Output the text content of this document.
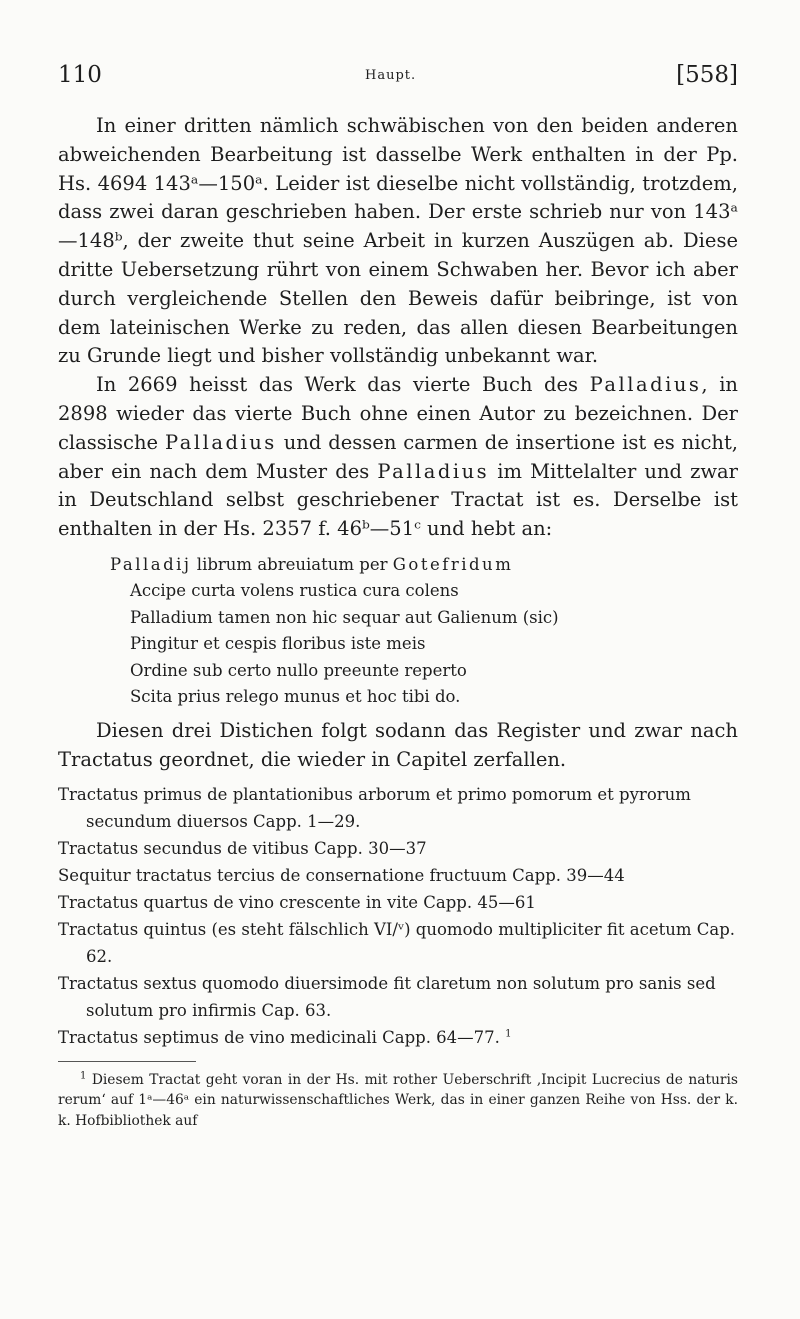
110	Haupt.	[558]

In einer dritten nämlich schwäbischen von den beiden anderen abweichenden Bearbeitung ist dasselbe Werk enthalten in der Pp. Hs. 4694 143ᵃ—150ᵃ. Leider ist dieselbe nicht vollständig, trotzdem, dass zwei daran geschrieben haben. Der erste schrieb nur von 143ᵃ—148ᵇ, der zweite thut seine Arbeit in kurzen Auszügen ab. Diese dritte Uebersetzung rührt von einem Schwaben her. Bevor ich aber durch vergleichende Stellen den Beweis dafür beibringe, ist von dem lateinischen Werke zu reden, das allen diesen Bearbeitungen zu Grunde liegt und bisher vollständig unbekannt war.

In 2669 heisst das Werk das vierte Buch des Palladius, in 2898 wieder das vierte Buch ohne einen Autor zu bezeichnen. Der classische Palladius und dessen carmen de insertione ist es nicht, aber ein nach dem Muster des Palladius im Mittelalter und zwar in Deutschland selbst geschriebener Tractat ist es. Derselbe ist enthalten in der Hs. 2357 f. 46ᵇ—51ᶜ und hebt an:

Palladij librum abreuiatum per Gotefridum
Accipe curta volens rustica cura colens
Palladium tamen non hic sequar aut Galienum (sic)
Pingitur et cespis floribus iste meis
Ordine sub certo nullo preeunte reperto
Scita prius relego munus et hoc tibi do.

Diesen drei Distichen folgt sodann das Register und zwar nach Tractatus geordnet, die wieder in Capitel zerfallen.

Tractatus primus de plantationibus arborum et primo pomorum et pyrorum secundum diuersos Capp. 1—29.

Tractatus secundus de vitibus Capp. 30—37

Sequitur tractatus tercius de consernatione fructuum Capp. 39—44

Tractatus quartus de vino crescente in vite Capp. 45—61

Tractatus quintus (es steht fälschlich VI/ᵛ) quomodo multipliciter fit acetum Cap. 62.

Tractatus sextus quomodo diuersimode fit claretum non solutum pro sanis sed solutum pro infirmis Cap. 63.

Tractatus septimus de vino medicinali Capp. 64—77. $^1$

$^1$ Diesem Tractat geht voran in der Hs. mit rother Ueberschrift ‚Incipit Lucrecius de naturis rerum‘ auf 1ᵃ—46ᵃ ein naturwissenschaftliches Werk, das in einer ganzen Reihe von Hss. der k. k. Hofbibliothek auf
